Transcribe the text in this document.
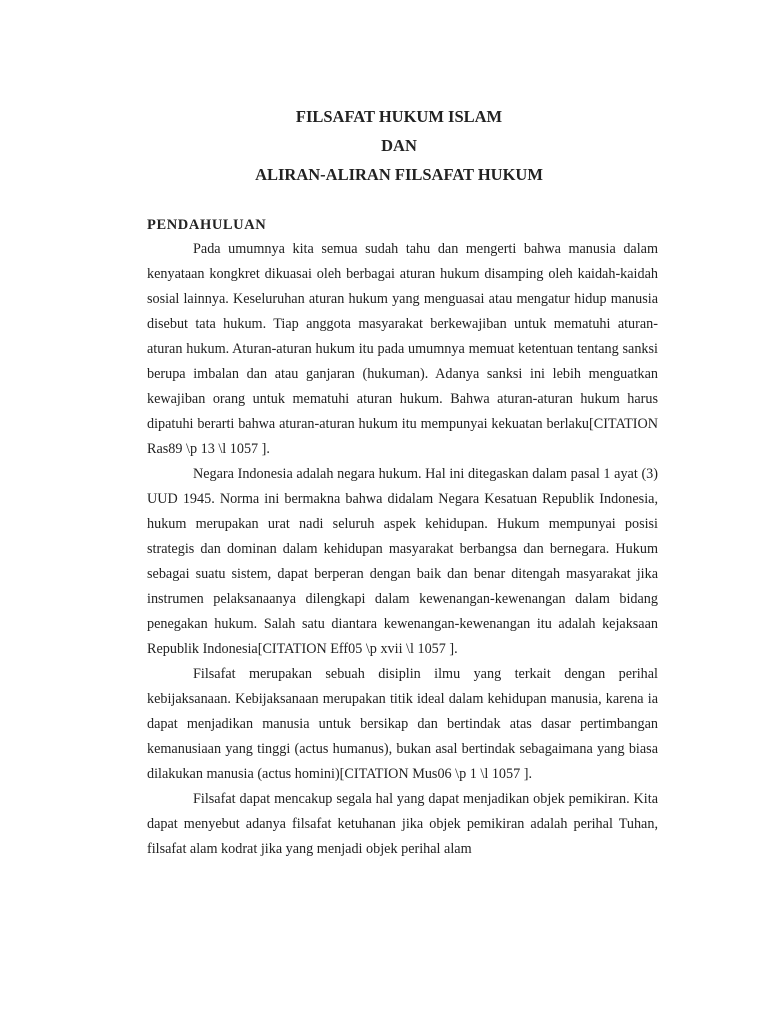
FILSAFAT HUKUM ISLAM
DAN
ALIRAN-ALIRAN FILSAFAT HUKUM
PENDAHULUAN

Pada umumnya kita semua sudah tahu dan mengerti bahwa manusia dalam kenyataan kongkret dikuasai oleh berbagai aturan hukum disamping oleh kaidah-kaidah sosial lainnya. Keseluruhan aturan hukum yang menguasai atau mengatur hidup manusia disebut tata hukum. Tiap anggota masyarakat berkewajiban untuk mematuhi aturan-aturan hukum. Aturan-aturan hukum itu pada umumnya memuat ketentuan tentang sanksi berupa imbalan dan atau ganjaran (hukuman). Adanya sanksi ini lebih menguatkan kewajiban orang untuk mematuhi aturan hukum. Bahwa aturan-aturan hukum harus dipatuhi berarti bahwa aturan-aturan hukum itu mempunyai kekuatan berlaku[CITATION Ras89 \p 13 \l 1057 ].

Negara Indonesia adalah negara hukum. Hal ini ditegaskan dalam pasal 1 ayat (3) UUD 1945. Norma ini bermakna bahwa didalam Negara Kesatuan Republik Indonesia, hukum merupakan urat nadi seluruh aspek kehidupan. Hukum mempunyai posisi strategis dan dominan dalam kehidupan masyarakat berbangsa dan bernegara. Hukum sebagai suatu sistem, dapat berperan dengan baik dan benar ditengah masyarakat jika instrumen pelaksanaanya dilengkapi dalam kewenangan-kewenangan dalam bidang penegakan hukum. Salah satu diantara kewenangan-kewenangan itu adalah kejaksaan Republik Indonesia[CITATION Eff05 \p xvii \l 1057 ].

Filsafat merupakan sebuah disiplin ilmu yang terkait dengan perihal kebijaksanaan. Kebijaksanaan merupakan titik ideal dalam kehidupan manusia, karena ia dapat menjadikan manusia untuk bersikap dan bertindak atas dasar pertimbangan kemanusiaan yang tinggi (actus humanus), bukan asal bertindak sebagaimana yang biasa dilakukan manusia (actus homini)[CITATION Mus06 \p 1 \l 1057 ].

Filsafat dapat mencakup segala hal yang dapat menjadikan objek pemikiran. Kita dapat menyebut adanya filsafat ketuhanan jika objek pemikiran adalah perihal Tuhan, filsafat alam kodrat jika yang menjadi objek perihal alam
